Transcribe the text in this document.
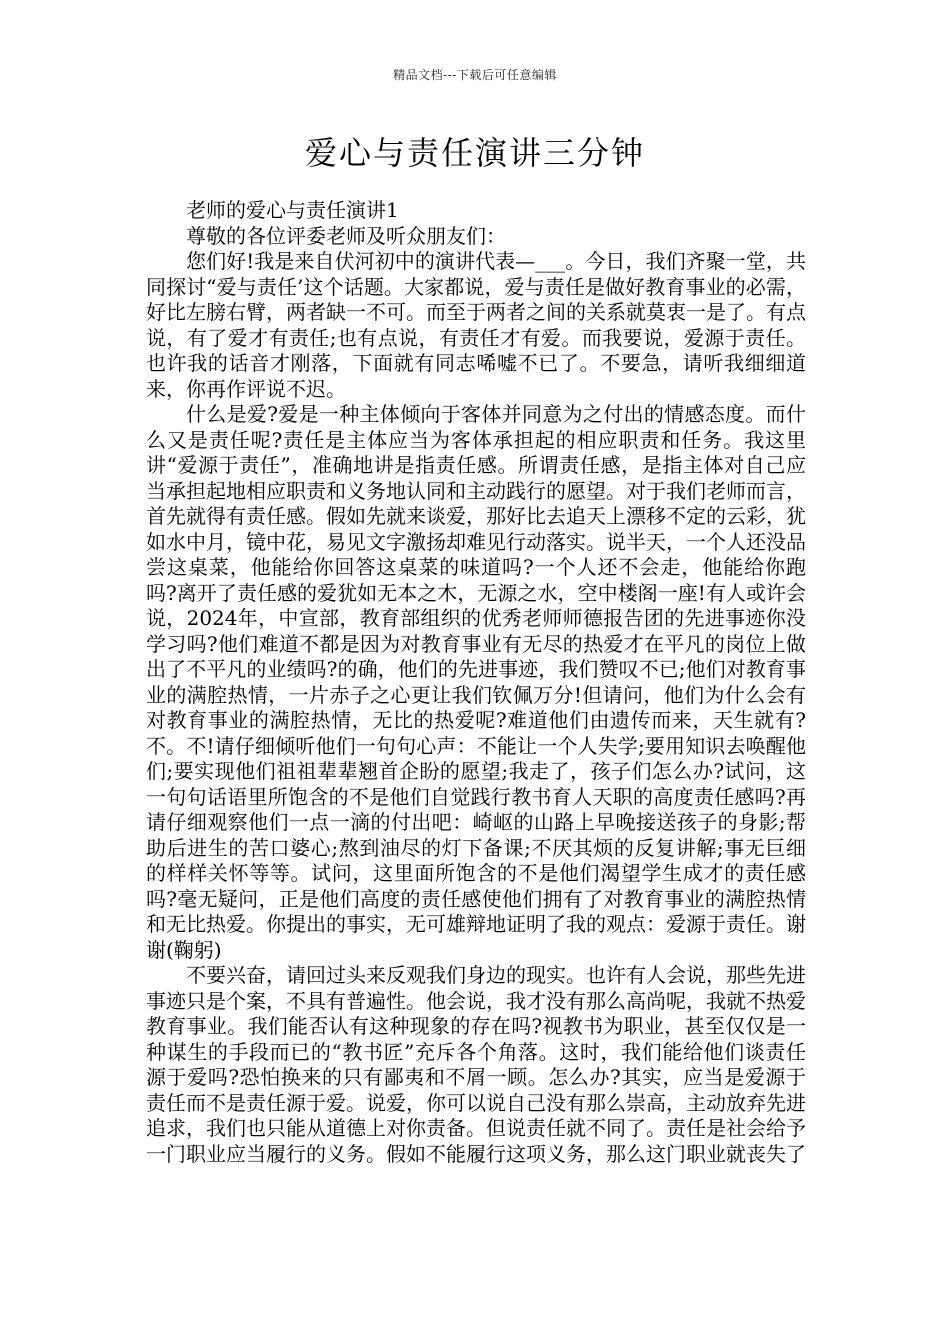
精品文档---下载后可任意编辑
爱心与责任演讲三分钟

老师的爱心与责任演讲1

尊敬的各位评委老师及听众朋友们：

您们好!我是来自伏河初中的演讲代表—___。今日，我们齐聚一堂，共同探讨“爱与责任’这个话题。大家都说，爱与责任是做好教育事业的必需，好比左膀右臂，两者缺一不可。而至于两者之间的关系就莫衷一是了。有点说，有了爱才有责任;也有点说，有责任才有爱。而我要说，爱源于责任。也许我的话音才刚落，下面就有同志唏嘘不已了。不要急，请听我细细道来，你再作评说不迟。

什么是爱?爱是一种主体倾向于客体并同意为之付出的情感态度。而什么又是责任呢?责任是主体应当为客体承担起的相应职责和任务。我这里讲“爱源于责任”，准确地讲是指责任感。所谓责任感，是指主体对自己应当承担起地相应职责和义务地认同和主动践行的愿望。对于我们老师而言，首先就得有责任感。假如先就来谈爱，那好比去追天上漂移不定的云彩，犹如水中月，镜中花，易见文字激扬却难见行动落实。说半天，一个人还没品尝这桌菜，他能给你回答这桌菜的味道吗?一个人还不会走，他能给你跑吗?离开了责任感的爱犹如无本之木，无源之水，空中楼阁一座!有人或许会说，2024年，中宣部，教育部组织的优秀老师师德报告团的先进事迹你没学习吗?他们难道不都是因为对教育事业有无尽的热爱才在平凡的岗位上做出了不平凡的业绩吗?的确，他们的先进事迹，我们赞叹不已;他们对教育事业的满腔热情，一片赤子之心更让我们钦佩万分!但请问，他们为什么会有对教育事业的满腔热情，无比的热爱呢?难道他们由遗传而来，天生就有?不。不!请仔细倾听他们一句句心声：不能让一个人失学;要用知识去唤醒他们;要实现他们祖祖辈辈翘首企盼的愿望;我走了，孩子们怎么办?试问，这一句句话语里所饱含的不是他们自觉践行教书育人天职的高度责任感吗?再请仔细观察他们一点一滴的付出吧：崎岖的山路上早晚接送孩子的身影;帮助后进生的苦口婆心;熬到油尽的灯下备课;不厌其烦的反复讲解;事无巨细的样样关怀等等。试问，这里面所饱含的不是他们渴望学生成才的责任感吗?毫无疑问，正是他们高度的责任感使他们拥有了对教育事业的满腔热情和无比热爱。你提出的事实，无可雄辩地证明了我的观点：爱源于责任。谢谢(鞠躬)

不要兴奋，请回过头来反观我们身边的现实。也许有人会说，那些先进事迹只是个案，不具有普遍性。他会说，我才没有那么高尚呢，我就不热爱教育事业。我们能否认有这种现象的存在吗?视教书为职业，甚至仅仅是一种谋生的手段而已的“教书匠”充斥各个角落。这时，我们能给他们谈责任源于爱吗?恐怕换来的只有鄙夷和不屑一顾。怎么办?其实，应当是爱源于责任而不是责任源于爱。说爱，你可以说自己没有那么崇高，主动放弃先进追求，我们也只能从道德上对你责备。但说责任就不同了。责任是社会给予一门职业应当履行的义务。假如不能履行这项义务，那么这门职业就丧失了
